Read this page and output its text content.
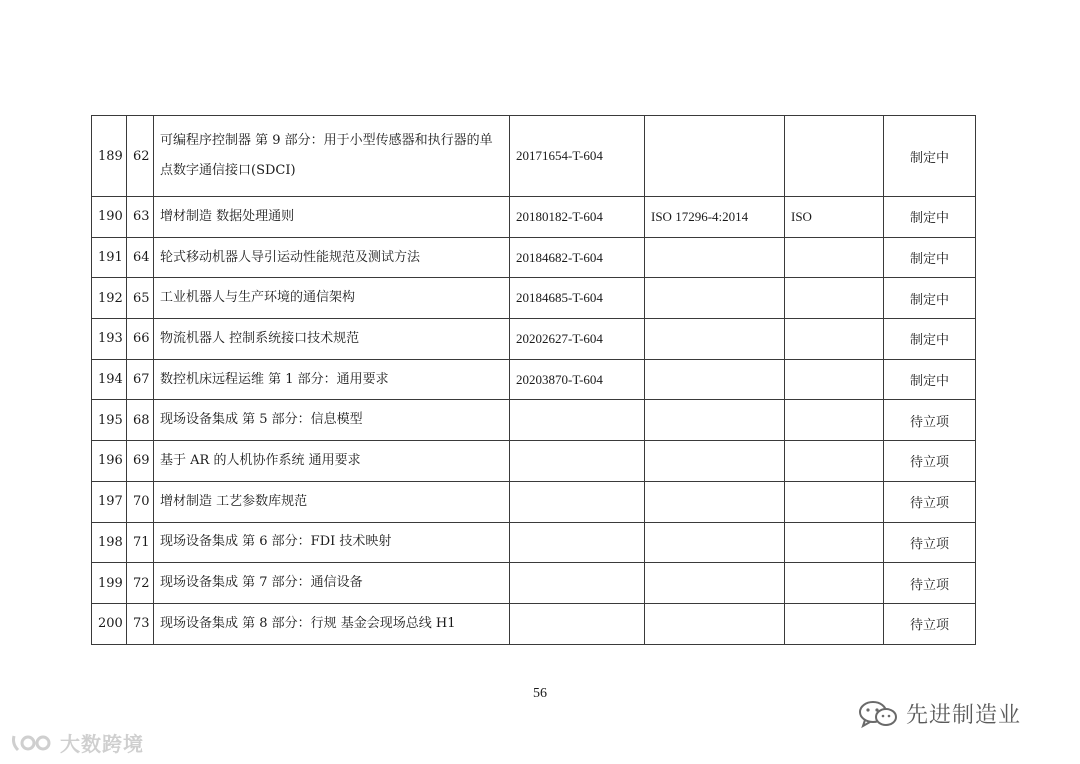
189	62	可编程序控制器 第 9 部分：用于小型传感器和执行器的单点数字通信接口(SDCI)	20171654-T-604			制定中
190	63	增材制造 数据处理通则	20180182-T-604	ISO 17296-4:2014	ISO	制定中
191	64	轮式移动机器人导引运动性能规范及测试方法	20184682-T-604			制定中
192	65	工业机器人与生产环境的通信架构	20184685-T-604			制定中
193	66	物流机器人 控制系统接口技术规范	20202627-T-604			制定中
194	67	数控机床远程运维 第 1 部分：通用要求	20203870-T-604			制定中
195	68	现场设备集成 第 5 部分：信息模型				待立项
196	69	基于 AR 的人机协作系统 通用要求				待立项
197	70	增材制造 工艺参数库规范				待立项
198	71	现场设备集成 第 6 部分：FDI 技术映射				待立项
199	72	现场设备集成 第 7 部分：通信设备				待立项
200	73	现场设备集成 第 8 部分：行规 基金会现场总线 H1				待立项
56
大数跨境
先进制造业
